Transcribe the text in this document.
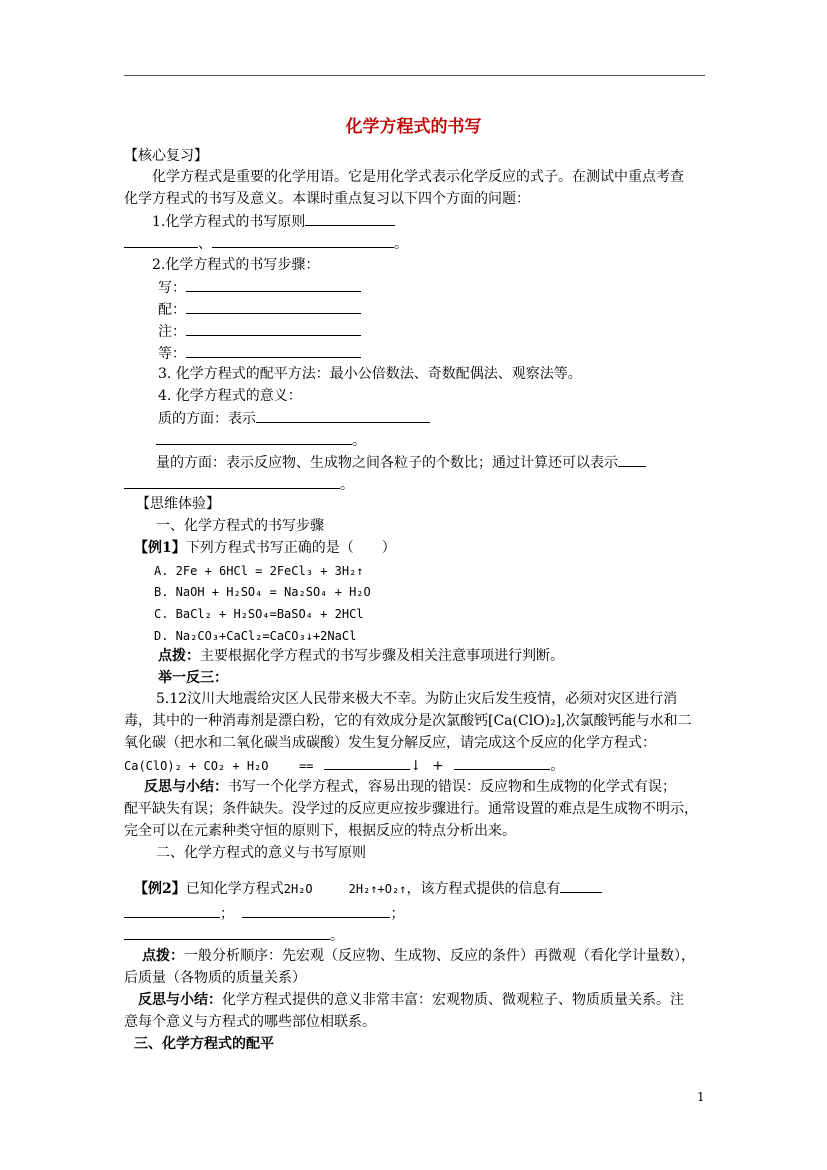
化学方程式的书写
【核心复习】
化学方程式是重要的化学用语。它是用化学式表示化学反应的式子。在测试中重点考查
化学方程式的书写及意义。本课时重点复习以下四个方面的问题：
1.化学方程式的书写原则
、	。
2.化学方程式的书写步骤：
写：
配：
注：
等：
3. 化学方程式的配平方法：最小公倍数法、奇数配偶法、观察法等。
4. 化学方程式的意义：
质的方面：表示
。
量的方面：表示反应物、生成物之间各粒子的个数比；通过计算还可以表示
。
【思维体验】
一、化学方程式的书写步骤
【例1】下列方程式书写正确的是（　　）
A. 2Fe + 6HCl = 2FeCl₃ + 3H₂↑
B. NaOH + H₂SO₄ = Na₂SO₄ + H₂O
C. BaCl₂ + H₂SO₄=BaSO₄ + 2HCl
D. Na₂CO₃+CaCl₂=CaCO₃↓+2NaCl
点拨：主要根据化学方程式的书写步骤及相关注意事项进行判断。
举一反三：
5.12汶川大地震给灾区人民带来极大不幸。为防止灾后发生疫情，必须对灾区进行消
毒，其中的一种消毒剂是漂白粉，它的有效成分是次氯酸钙[Ca(ClO)₂],次氯酸钙能与水和二
氧化碳（把水和二氧化碳当成碳酸）发生复分解反应，请完成这个反应的化学方程式：
Ca(ClO)₂ + CO₂ + H₂O	==	↓ +	。
反思与小结：书写一个化学方程式，容易出现的错误：反应物和生成物的化学式有误；
配平缺失有误；条件缺失。没学过的反应更应按步骤进行。通常设置的难点是生成物不明示，
完全可以在元素种类守恒的原则下，根据反应的特点分析出来。
二、化学方程式的意义与书写原则
【例2】已知化学方程式2H₂O	2H₂↑+O₂↑，该方程式提供的信息有
；	；
。
点拨：一般分析顺序：先宏观（反应物、生成物、反应的条件）再微观（看化学计量数），
后质量（各物质的质量关系）
反思与小结：化学方程式提供的意义非常丰富：宏观物质、微观粒子、物质质量关系。注
意每个意义与方程式的哪些部位相联系。
三、化学方程式的配平
1
